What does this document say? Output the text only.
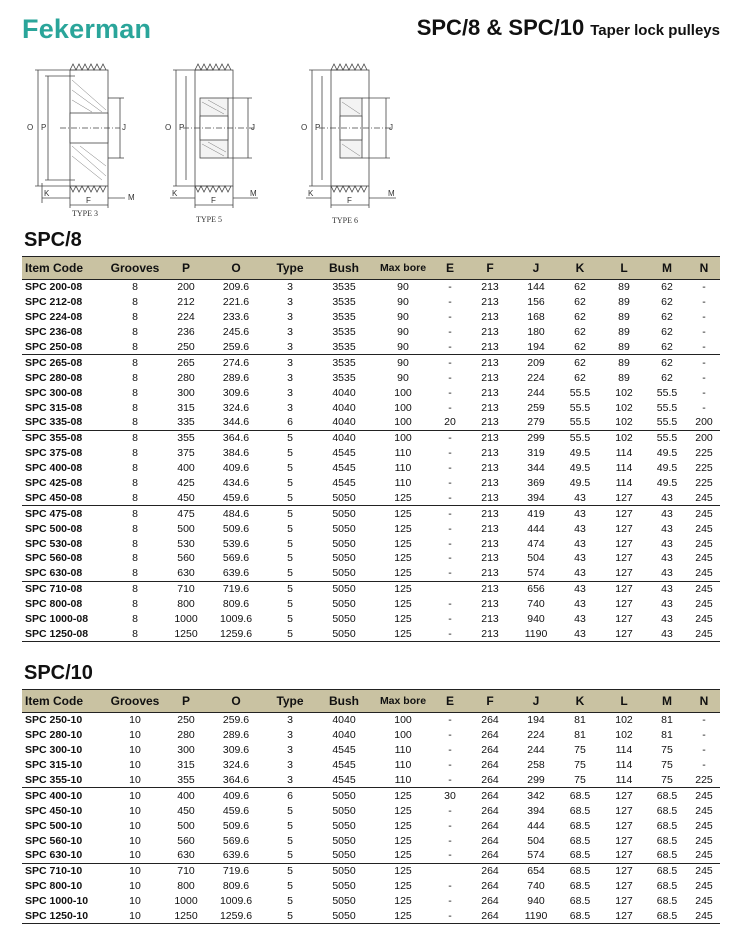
Fekerman	SPC/8 & SPC/10 Taper lock pulleys
O P	J
K
F	M
TYPE 3
O P	J
K
F
M
TYPE 5
O P	J
K
F
M
TYPE 6
SPC/8
Item Code	Grooves	P	O	Type	Bush	Max bore	E	F	J	K	L	M	N
SPC 200-08	8	200	209.6	3	3535	90	-	213	144	62	89	62	-
SPC 212-08	8	212	221.6	3	3535	90	-	213	156	62	89	62	-
SPC 224-08	8	224	233.6	3	3535	90	-	213	168	62	89	62	-
SPC 236-08	8	236	245.6	3	3535	90	-	213	180	62	89	62	-
SPC 250-08	8	250	259.6	3	3535	90	-	213	194	62	89	62	-
SPC 265-08	8	265	274.6	3	3535	90	-	213	209	62	89	62	-
SPC 280-08	8	280	289.6	3	3535	90	-	213	224	62	89	62	-
SPC 300-08	8	300	309.6	3	4040	100	-	213	244	55.5	102	55.5	-
SPC 315-08	8	315	324.6	3	4040	100	-	213	259	55.5	102	55.5	-
SPC 335-08	8	335	344.6	6	4040	100	20	213	279	55.5	102	55.5	200
SPC 355-08	8	355	364.6	5	4040	100	-	213	299	55.5	102	55.5	200
SPC 375-08	8	375	384.6	5	4545	110	-	213	319	49.5	114	49.5	225
SPC 400-08	8	400	409.6	5	4545	110	-	213	344	49.5	114	49.5	225
SPC 425-08	8	425	434.6	5	4545	110	-	213	369	49.5	114	49.5	225
SPC 450-08	8	450	459.6	5	5050	125	-	213	394	43	127	43	245
SPC 475-08	8	475	484.6	5	5050	125	-	213	419	43	127	43	245
SPC 500-08	8	500	509.6	5	5050	125	-	213	444	43	127	43	245
SPC 530-08	8	530	539.6	5	5050	125	-	213	474	43	127	43	245
SPC 560-08	8	560	569.6	5	5050	125	-	213	504	43	127	43	245
SPC 630-08	8	630	639.6	5	5050	125	-	213	574	43	127	43	245
SPC 710-08	8	710	719.6	5	5050	125		213	656	43	127	43	245
SPC 800-08	8	800	809.6	5	5050	125	-	213	740	43	127	43	245
SPC 1000-08	8	1000	1009.6	5	5050	125	-	213	940	43	127	43	245
SPC 1250-08	8	1250	1259.6	5	5050	125	-	213	1190	43	127	43	245
SPC/10
Item Code	Grooves	P	O	Type	Bush	Max bore	E	F	J	K	L	M	N
SPC 250-10	10	250	259.6	3	4040	100	-	264	194	81	102	81	-
SPC 280-10	10	280	289.6	3	4040	100	-	264	224	81	102	81	-
SPC 300-10	10	300	309.6	3	4545	110	-	264	244	75	114	75	-
SPC 315-10	10	315	324.6	3	4545	110	-	264	258	75	114	75	-
SPC 355-10	10	355	364.6	3	4545	110	-	264	299	75	114	75	225
SPC 400-10	10	400	409.6	6	5050	125	30	264	342	68.5	127	68.5	245
SPC 450-10	10	450	459.6	5	5050	125	-	264	394	68.5	127	68.5	245
SPC 500-10	10	500	509.6	5	5050	125	-	264	444	68.5	127	68.5	245
SPC 560-10	10	560	569.6	5	5050	125	-	264	504	68.5	127	68.5	245
SPC 630-10	10	630	639.6	5	5050	125	-	264	574	68.5	127	68.5	245
SPC 710-10	10	710	719.6	5	5050	125		264	654	68.5	127	68.5	245
SPC 800-10	10	800	809.6	5	5050	125	-	264	740	68.5	127	68.5	245
SPC 1000-10	10	1000	1009.6	5	5050	125	-	264	940	68.5	127	68.5	245
SPC 1250-10	10	1250	1259.6	5	5050	125	-	264	1190	68.5	127	68.5	245
